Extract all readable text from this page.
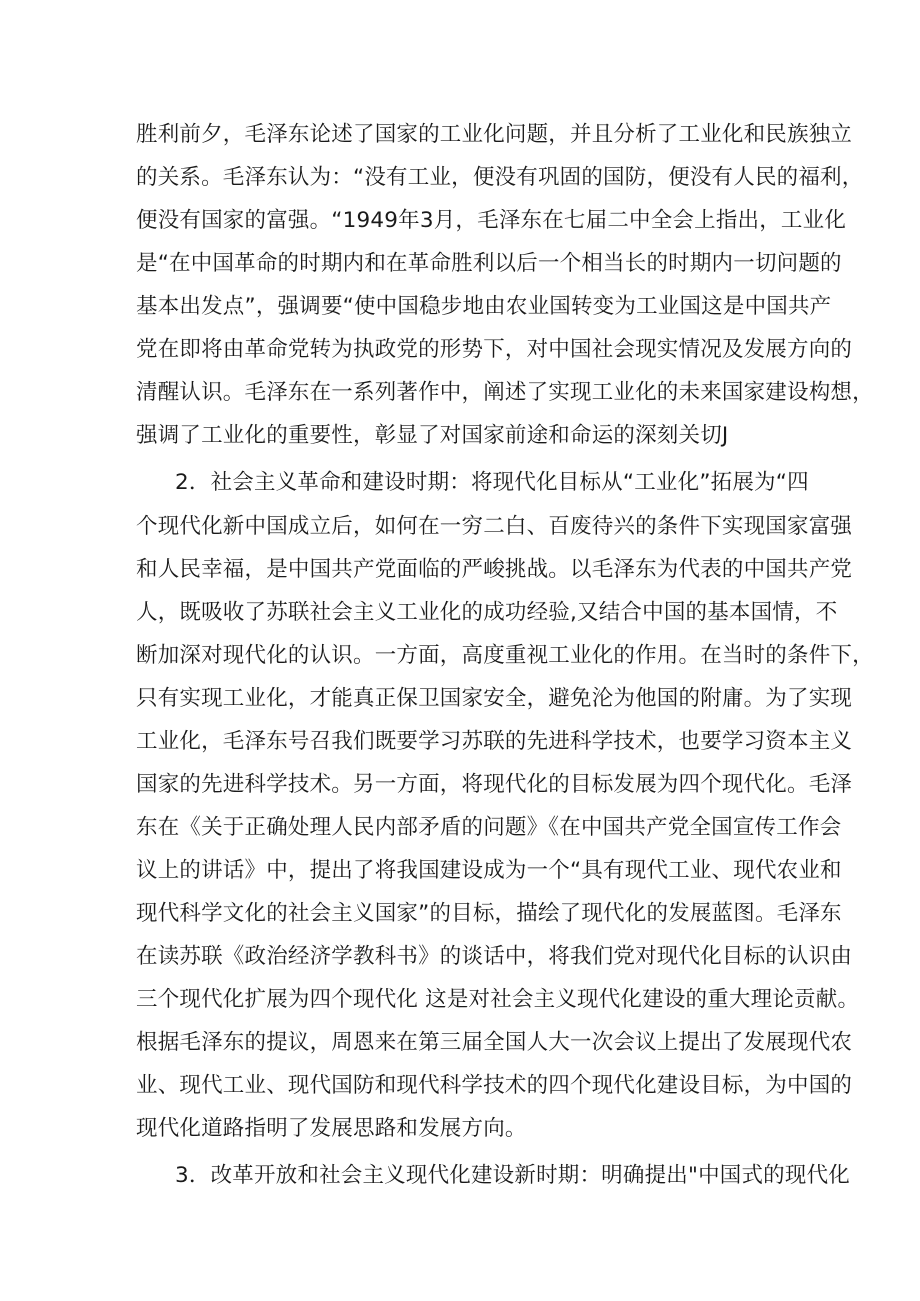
胜利前夕，毛泽东论述了国家的工业化问题，并且分析了工业化和民族独立
的关系。毛泽东认为：“没有工业，便没有巩固的国防，便没有人民的福利，
便没有国家的富强。“1949年3月，毛泽东在七届二中全会上指出，工业化
是“在中国革命的时期内和在革命胜利以后一个相当长的时期内一切问题的
基本出发点”，强调要“使中国稳步地由农业国转变为工业国这是中国共产
党在即将由革命党转为执政党的形势下，对中国社会现实情况及发展方向的
清醒认识。毛泽东在一系列著作中，阐述了实现工业化的未来国家建设构想，
强调了工业化的重要性，彰显了对国家前途和命运的深刻关切J
2．社会主义革命和建设时期：将现代化目标从“工业化”拓展为“四
个现代化新中国成立后，如何在一穷二白、百废待兴的条件下实现国家富强
和人民幸福，是中国共产党面临的严峻挑战。以毛泽东为代表的中国共产党
人，既吸收了苏联社会主义工业化的成功经验,又结合中国的基本国情，不
断加深对现代化的认识。一方面，高度重视工业化的作用。在当时的条件下，
只有实现工业化，才能真正保卫国家安全，避免沦为他国的附庸。为了实现
工业化，毛泽东号召我们既要学习苏联的先进科学技术，也要学习资本主义
国家的先进科学技术。另一方面，将现代化的目标发展为四个现代化。毛泽
东在《关于正确处理人民内部矛盾的问题》《在中国共产党全国宣传工作会
议上的讲话》中，提出了将我国建设成为一个“具有现代工业、现代农业和
现代科学文化的社会主义国家”的目标，描绘了现代化的发展蓝图。毛泽东
在读苏联《政治经济学教科书》的谈话中，将我们党对现代化目标的认识由
三个现代化扩展为四个现代化 这是对社会主义现代化建设的重大理论贡献。
根据毛泽东的提议，周恩来在第三届全国人大一次会议上提出了发展现代农
业、现代工业、现代国防和现代科学技术的四个现代化建设目标，为中国的
现代化道路指明了发展思路和发展方向。
3．改革开放和社会主义现代化建设新时期：明确提出"中国式的现代化
